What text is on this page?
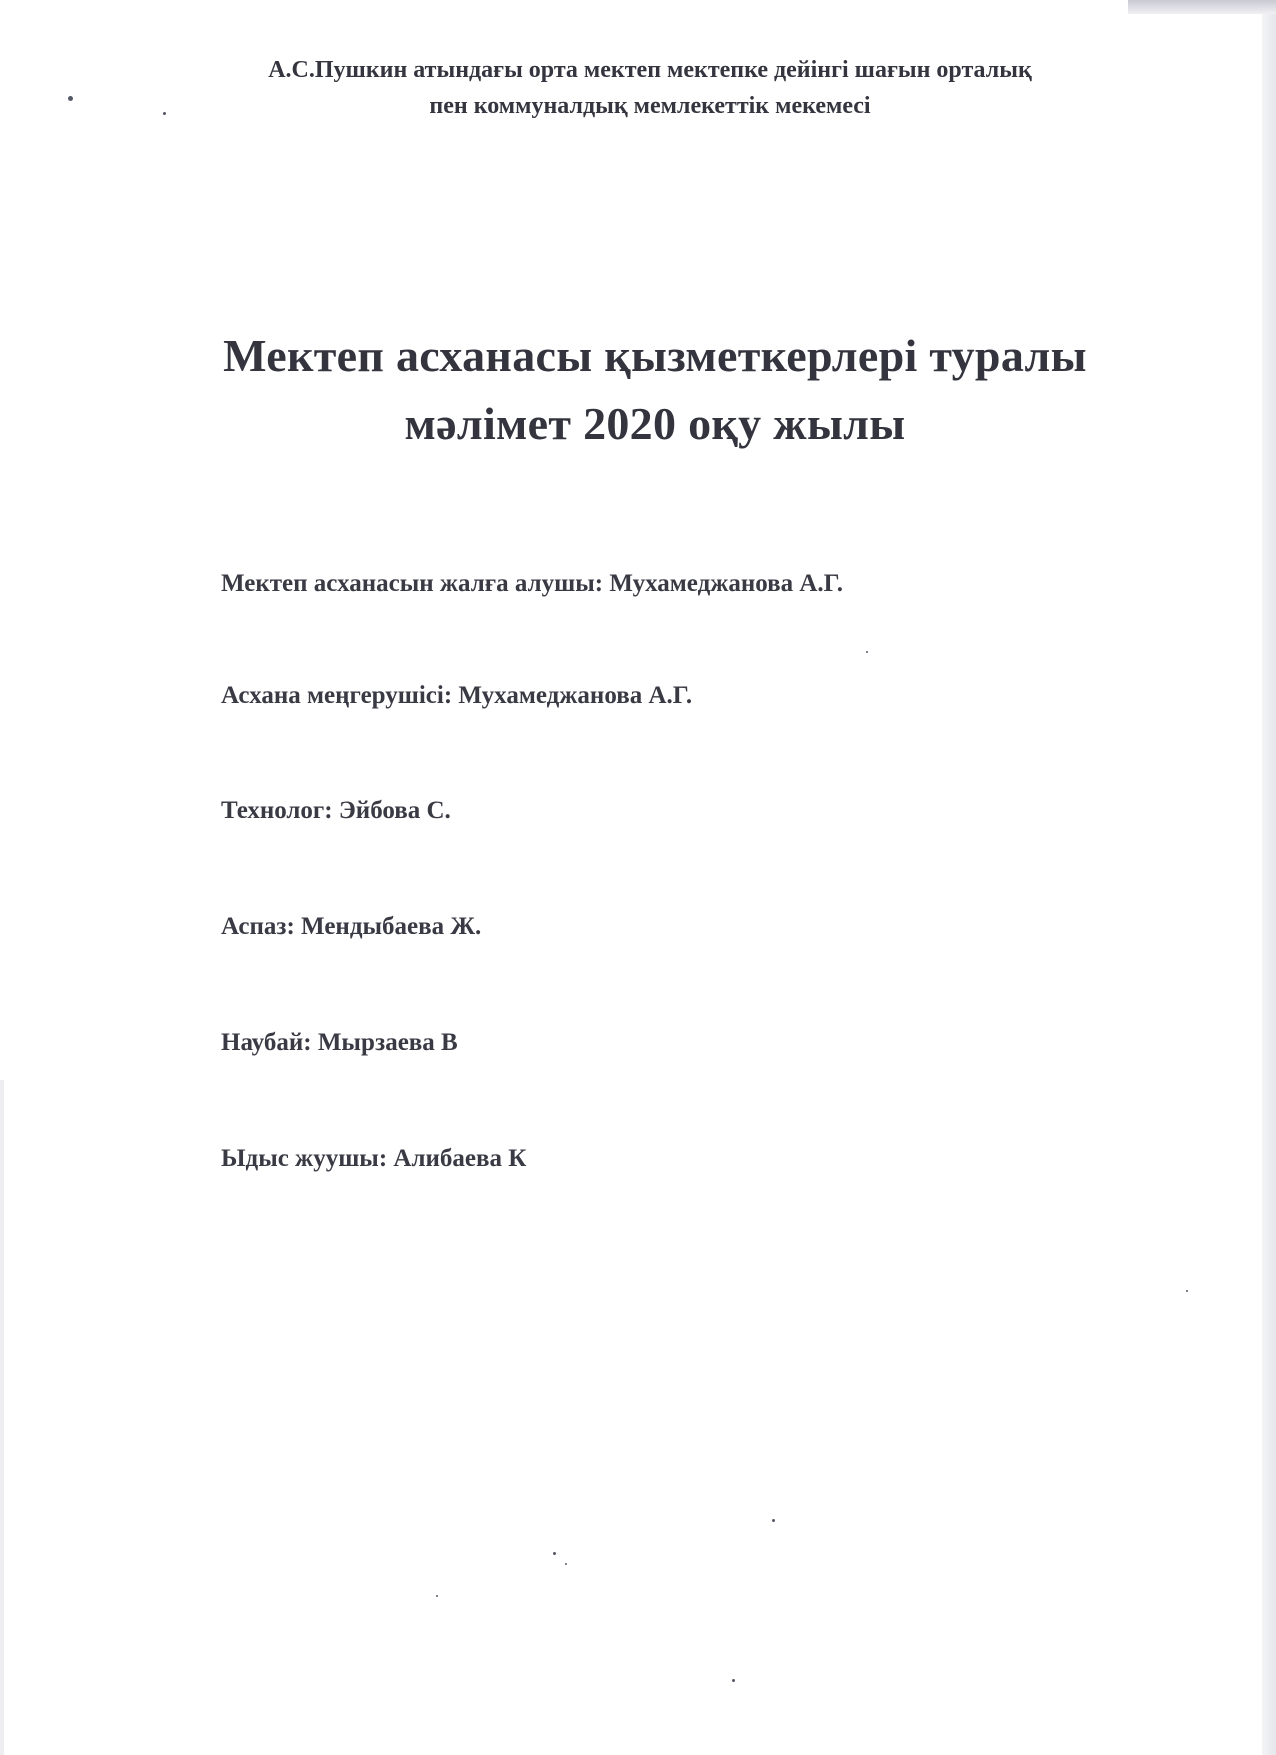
А.С.Пушкин атындағы орта мектеп мектепке дейінгі шағын орталық
пен коммуналдық мемлекеттік мекемесі
Мектеп асханасы қызметкерлері туралы
мәлімет 2020 оқу жылы
Мектеп асханасын жалға алушы: Мухамеджанова А.Г.
Асхана меңгерушісі: Мухамеджанова А.Г.
Технолог: Эйбова С.
Аспаз: Мендыбаева Ж.
Наубай: Мырзаева В
Ыдыс жуушы: Алибаева К
